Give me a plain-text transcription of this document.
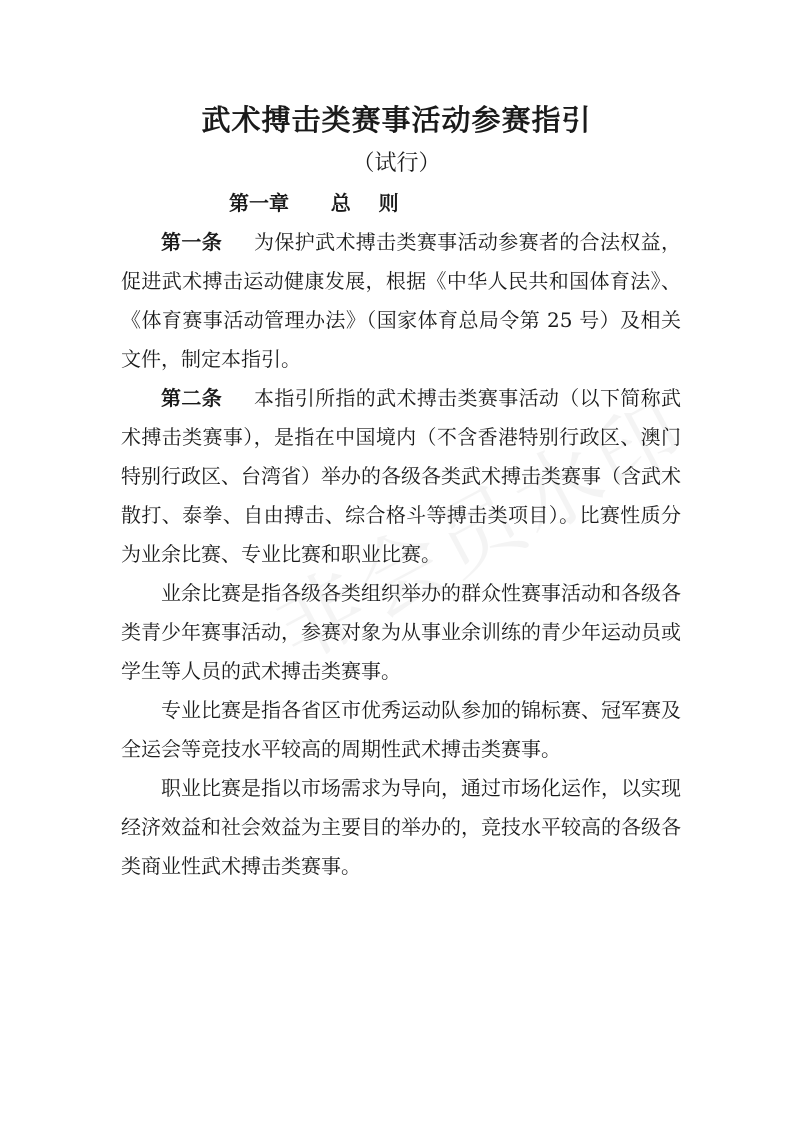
武术搏击类赛事活动参赛指引

（试行）

第一章      总    则

第一条 为保护武术搏击类赛事活动参赛者的合法权益，促进武术搏击运动健康发展，根据《中华人民共和国体育法》、《体育赛事活动管理办法》（国家体育总局令第 25 号）及相关文件，制定本指引。

第二条 本指引所指的武术搏击类赛事活动（以下简称武术搏击类赛事），是指在中国境内（不含香港特别行政区、澳门特别行政区、台湾省）举办的各级各类武术搏击类赛事（含武术散打、泰拳、自由搏击、综合格斗等搏击类项目）。比赛性质分为业余比赛、专业比赛和职业比赛。

业余比赛是指各级各类组织举办的群众性赛事活动和各级各类青少年赛事活动，参赛对象为从事业余训练的青少年运动员或学生等人员的武术搏击类赛事。

专业比赛是指各省区市优秀运动队参加的锦标赛、冠军赛及全运会等竞技水平较高的周期性武术搏击类赛事。

职业比赛是指以市场需求为导向，通过市场化运作，以实现经济效益和社会效益为主要目的举办的，竞技水平较高的各级各类商业性武术搏击类赛事。
